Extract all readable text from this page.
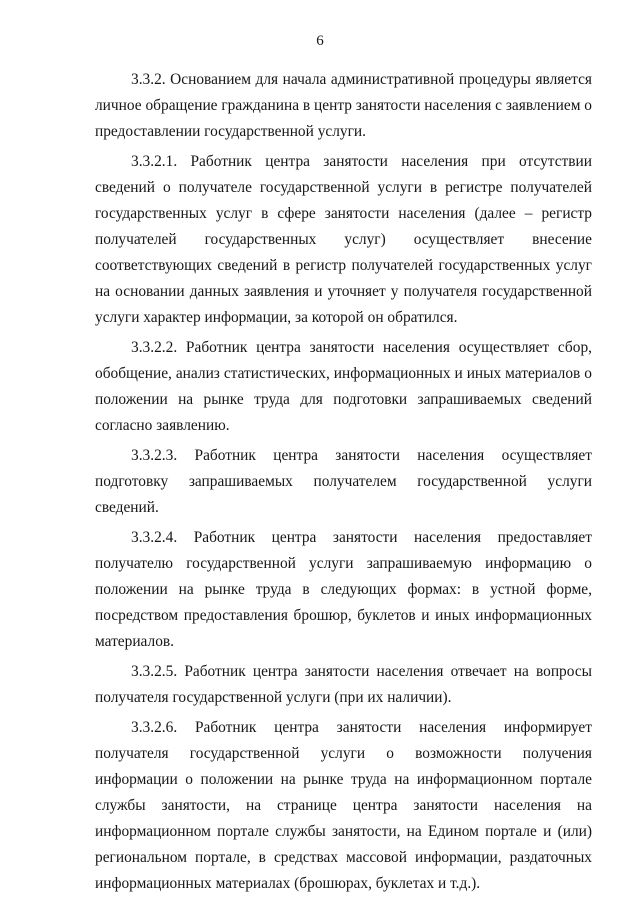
6

3.3.2. Основанием для начала административной процедуры является личное обращение гражданина в центр занятости населения с заявлением о предоставлении государственной услуги.

3.3.2.1. Работник центра занятости населения при отсутствии сведений о получателе государственной услуги в регистре получателей государственных услуг в сфере занятости населения (далее – регистр получателей государственных услуг) осуществляет внесение соответствующих сведений в регистр получателей государственных услуг на основании данных заявления и уточняет у получателя государственной услуги характер информации, за которой он обратился.

3.3.2.2. Работник центра занятости населения осуществляет сбор, обобщение, анализ статистических, информационных и иных материалов о положении на рынке труда для подготовки запрашиваемых сведений согласно заявлению.

3.3.2.3. Работник центра занятости населения осуществляет подготовку запрашиваемых получателем государственной услуги сведений.

3.3.2.4. Работник центра занятости населения предоставляет получателю государственной услуги запрашиваемую информацию о положении на рынке труда в следующих формах: в устной форме, посредством предоставления брошюр, буклетов и иных информационных материалов.

3.3.2.5. Работник центра занятости населения отвечает на вопросы получателя государственной услуги (при их наличии).

3.3.2.6. Работник центра занятости населения информирует получателя государственной услуги о возможности получения информации о положении на рынке труда на информационном портале службы занятости, на странице центра занятости населения на информационном портале службы занятости, на Едином портале и (или) региональном портале, в средствах массовой информации, раздаточных информационных материалах (брошюрах, буклетах и т.д.).
